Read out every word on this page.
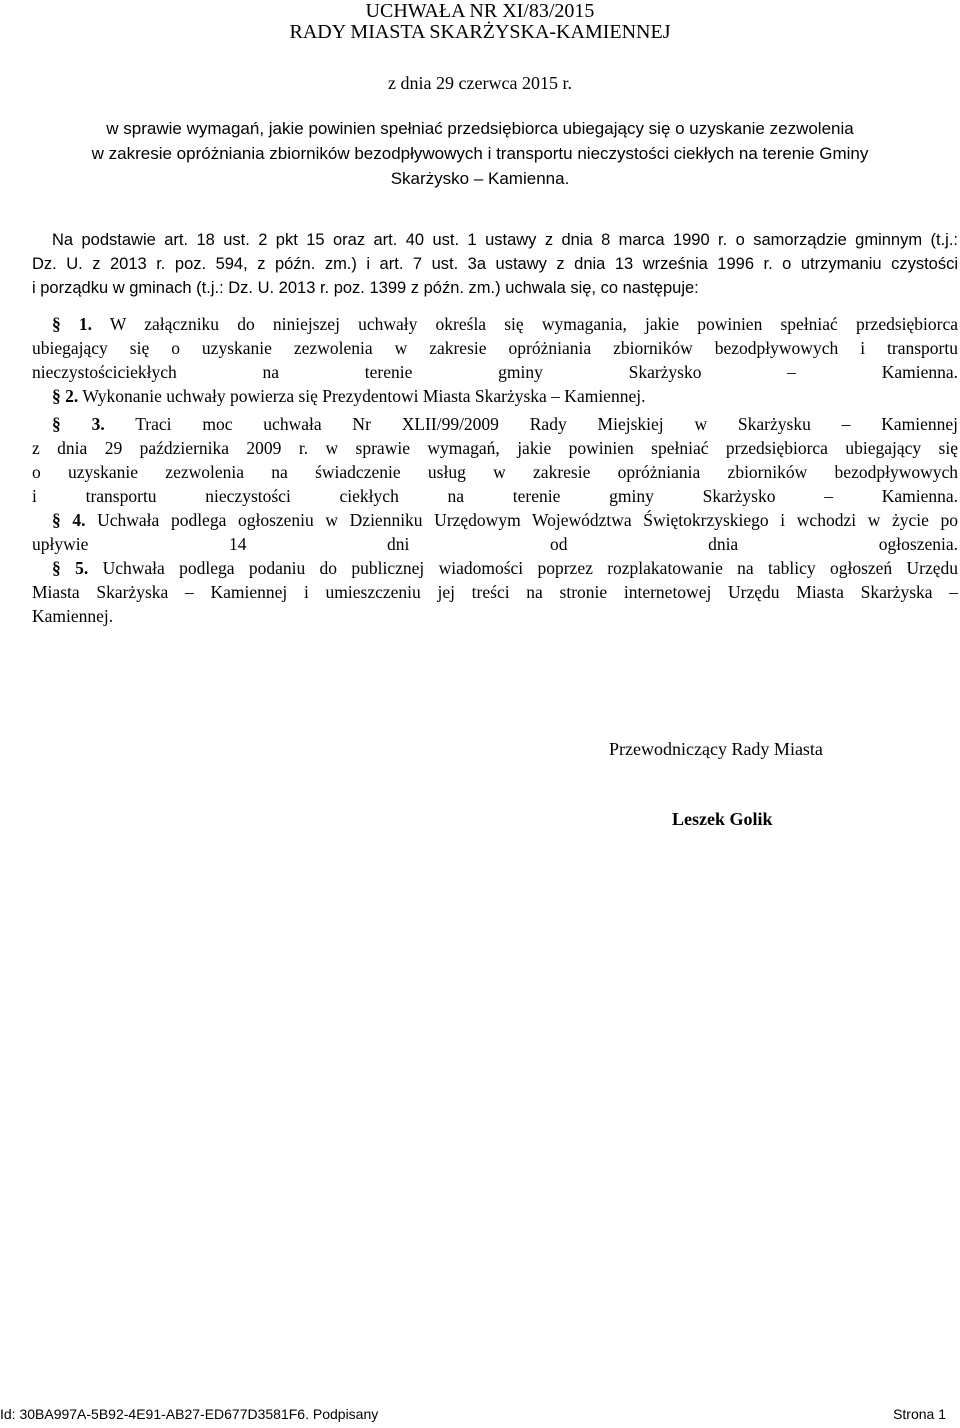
UCHWAŁA NR XI/83/2015
RADY MIASTA SKARŻYSKA-KAMIENNEJ
z dnia 29 czerwca 2015 r.
w sprawie wymagań, jakie powinien spełniać przedsiębiorca ubiegający się o uzyskanie zezwolenia
w zakresie opróżniania zbiorników bezodpływowych i transportu nieczystości ciekłych na terenie Gminy
Skarżysko – Kamienna.
Na podstawie art. 18 ust. 2 pkt 15 oraz art. 40 ust. 1 ustawy z dnia 8 marca 1990 r. o samorządzie gminnym (t.j.:
Dz. U. z 2013 r. poz. 594, z późn. zm.) i art. 7 ust. 3a ustawy z dnia 13 września 1996 r. o utrzymaniu czystości
i porządku w gminach (t.j.: Dz. U. 2013 r. poz. 1399 z późn. zm.) uchwala się, co następuje:
§ 1. W załączniku do niniejszej uchwały określa się wymagania, jakie powinien spełniać przedsiębiorca
ubiegający się o uzyskanie zezwolenia w zakresie opróżniania zbiorników bezodpływowych i transportu
nieczystościciekłych na terenie gminy Skarżysko – Kamienna.
§ 2. Wykonanie uchwały powierza się Prezydentowi Miasta Skarżyska – Kamiennej.
§ 3. Traci moc uchwała Nr XLII/99/2009 Rady Miejskiej w Skarżysku – Kamiennej
z dnia 29 października 2009 r. w sprawie wymagań, jakie powinien spełniać przedsiębiorca ubiegający się
o uzyskanie zezwolenia na świadczenie usług w zakresie opróżniania zbiorników bezodpływowych
i transportu nieczystości ciekłych na terenie gminy Skarżysko – Kamienna.
§ 4. Uchwała podlega ogłoszeniu w Dzienniku Urzędowym Województwa Świętokrzyskiego i wchodzi w życie po
upływie 14 dni od dnia ogłoszenia.
§ 5. Uchwała podlega podaniu do publicznej wiadomości poprzez rozplakatowanie na tablicy ogłoszeń Urzędu
Miasta Skarżyska – Kamiennej i umieszczeniu jej treści na stronie internetowej Urzędu Miasta Skarżyska –
Kamiennej.
Przewodniczący Rady Miasta
Leszek Golik
Id: 30BA997A-5B92-4E91-AB27-ED677D3581F6. Podpisany	Strona 1
